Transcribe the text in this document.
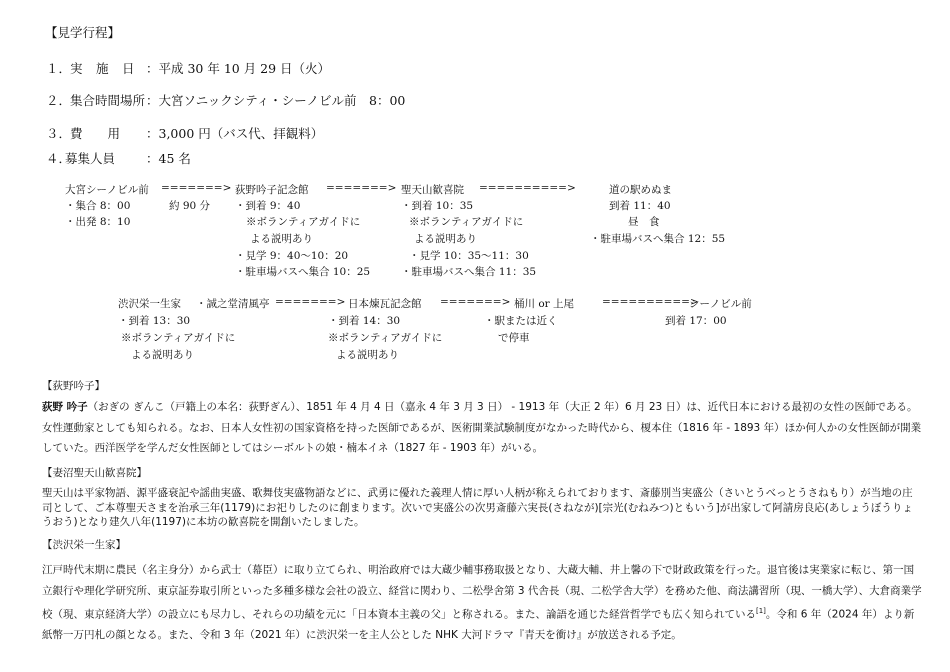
【見学行程】
１．
実　施　日 ：平成 30 年 10 月 29 日（火）
２．
集合時間場所 ：大宮ソニックシティ・シーノビル前　8：00
３．
費　　用 ：3,000 円（バス代、拝観料）
４．
募集人員 ：45 名
大宮シーノビル前 =======>
・集合 8：00	約 90 分
・出発 8：10
荻野吟子記念館 =======>
・到着 9：40
※ボランティアガイドに
よる説明あり
・見学 9：40〜10：20
・駐車場バスへ集合 10：25
聖天山歓喜院 ==========>
・到着 10：35
※ボランティアガイドに
よる説明あり
・見学 10：35〜11：30
・駐車場バスへ集合 11：35
道の駅めぬま
到着 11：40
昼　食
・駐車場バスへ集合 12：55
渋沢栄一生家 ・誠之堂清風亭 =======>
・到着 13：30
※ボランティアガイドに
よる説明あり
日本煉瓦記念館 =======>
・到着 14：30
※ボランティアガイドに
よる説明あり
桶川 or 上尾	==========>
・駅または近く
で停車
シーノビル前
到着 17：00
【荻野吟子】
荻野 吟子（おぎの ぎんこ（戸籍上の本名：荻野ぎん）、1851 年 4 月 4 日（嘉永 4 年 3 月 3 日） - 1913 年（大正 2 年）6 月 23 日）は、近代日本における最初の女性の医師である。女性運動家としても知られる。なお、日本人女性初の国家資格を持った医師であるが、医術開業試験制度がなかった時代から、榎本住（1816 年 - 1893 年）ほか何人かの女性医師が開業していた。西洋医学を学んだ女性医師としてはシーボルトの娘・楠本イネ（1827 年 - 1903 年）がいる。
【妻沼聖天山歓喜院】
聖天山は平家物語、源平盛衰記や謡曲実盛、歌舞伎実盛物語などに、武勇に優れた義理人情に厚い人柄が称えられております、斎藤別当実盛公（さいとうべっとうさねもり）が当地の庄司として、ご本尊聖天さまを治承三年(1179)にお祀りしたのに創まります。次いで実盛公の次男斎藤六実長(さねなが)[宗光(むねみつ)ともいう]が出家して阿請房良応(あしょうぼうりょうおう)となり建久八年(1197)に本坊の歓喜院を開創いたしました。
【渋沢栄一生家】
江戸時代末期に農民（名主身分）から武士（幕臣）に取り立てられ、明治政府では大蔵少輔事務取扱となり、大蔵大輔、井上馨の下で財政政策を行った。退官後は実業家に転じ、第一国立銀行や理化学研究所、東京証券取引所といった多種多様な会社の設立、経営に関わり、二松學舍第 3 代舎長（現、二松学舎大学）を務めた他、商法講習所（現、一橋大学）、大倉商業学校（現、東京経済大学）の設立にも尽力し、それらの功績を元に「日本資本主義の父」と称される。また、論語を通じた経営哲学でも広く知られている[1]。令和 6 年（2024 年）より新紙幣一万円札の顔となる。また、令和 3 年（2021 年）に渋沢栄一を主人公とした NHK 大河ドラマ『青天を衝け』が放送される予定。
